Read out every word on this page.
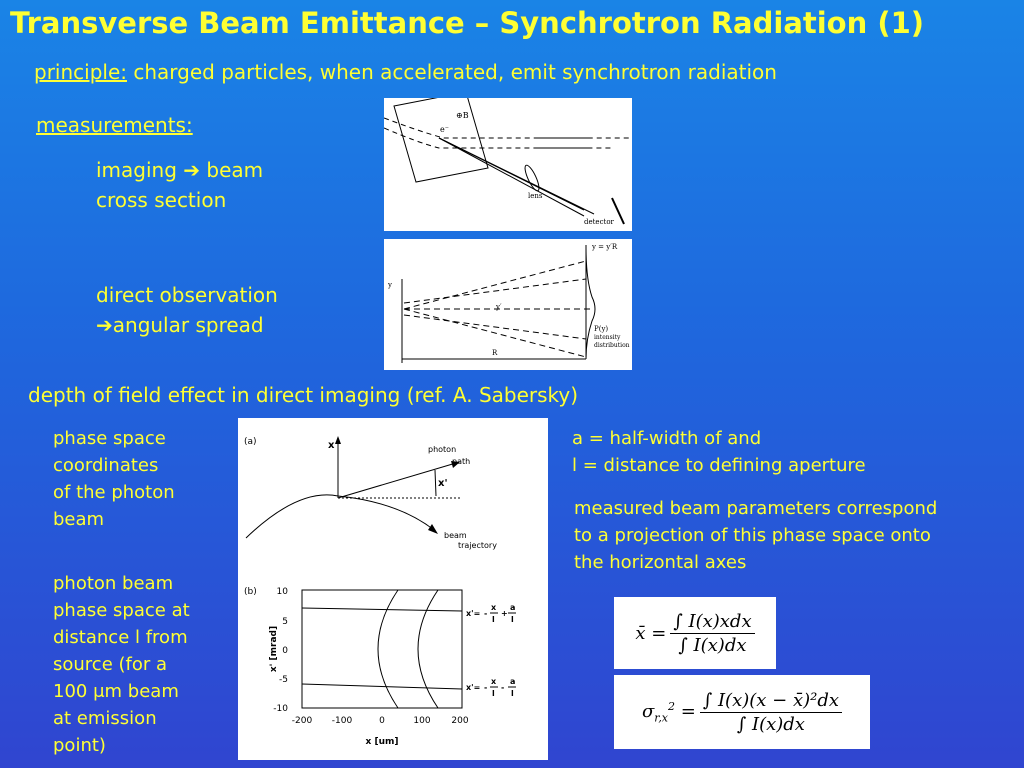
Transverse Beam Emittance – Synchrotron Radiation (1)
principle: charged particles, when accelerated, emit synchrotron radiation
measurements:
imaging ➔ beam
cross section
direct observation
➔angular spread
⊕B
e⁻
lens
detector
y = y′R
y
y′
P(y)
intensity
distribution
R
depth of field effect in direct imaging (ref. A. Sabersky)
phase space
coordinates
of the photon
beam
photon beam
phase space at
distance l from
source (for a
100 μm beam
at emission
point)
(a)	x
x'
photon
path
beam
trajectory
(b) 10
5
0
-5
-10
-200 -100	0	100 200
x [um]
x' [mrad]
x'= -
x
l
+
a
l
x'= -
x
l
-
a
l
a = half-width of and
l = distance to defining aperture
measured beam parameters correspond
to a projection of this phase space onto
the horizontal axes
x̄ = $\frac{\text{∫ I(x)xdx}}{\int I(x)dx}$
$\sigma_{r,x}^2 = \frac{\text{∫ I(x)(x − x̄)²dx}}{\int I(x)dx}$
